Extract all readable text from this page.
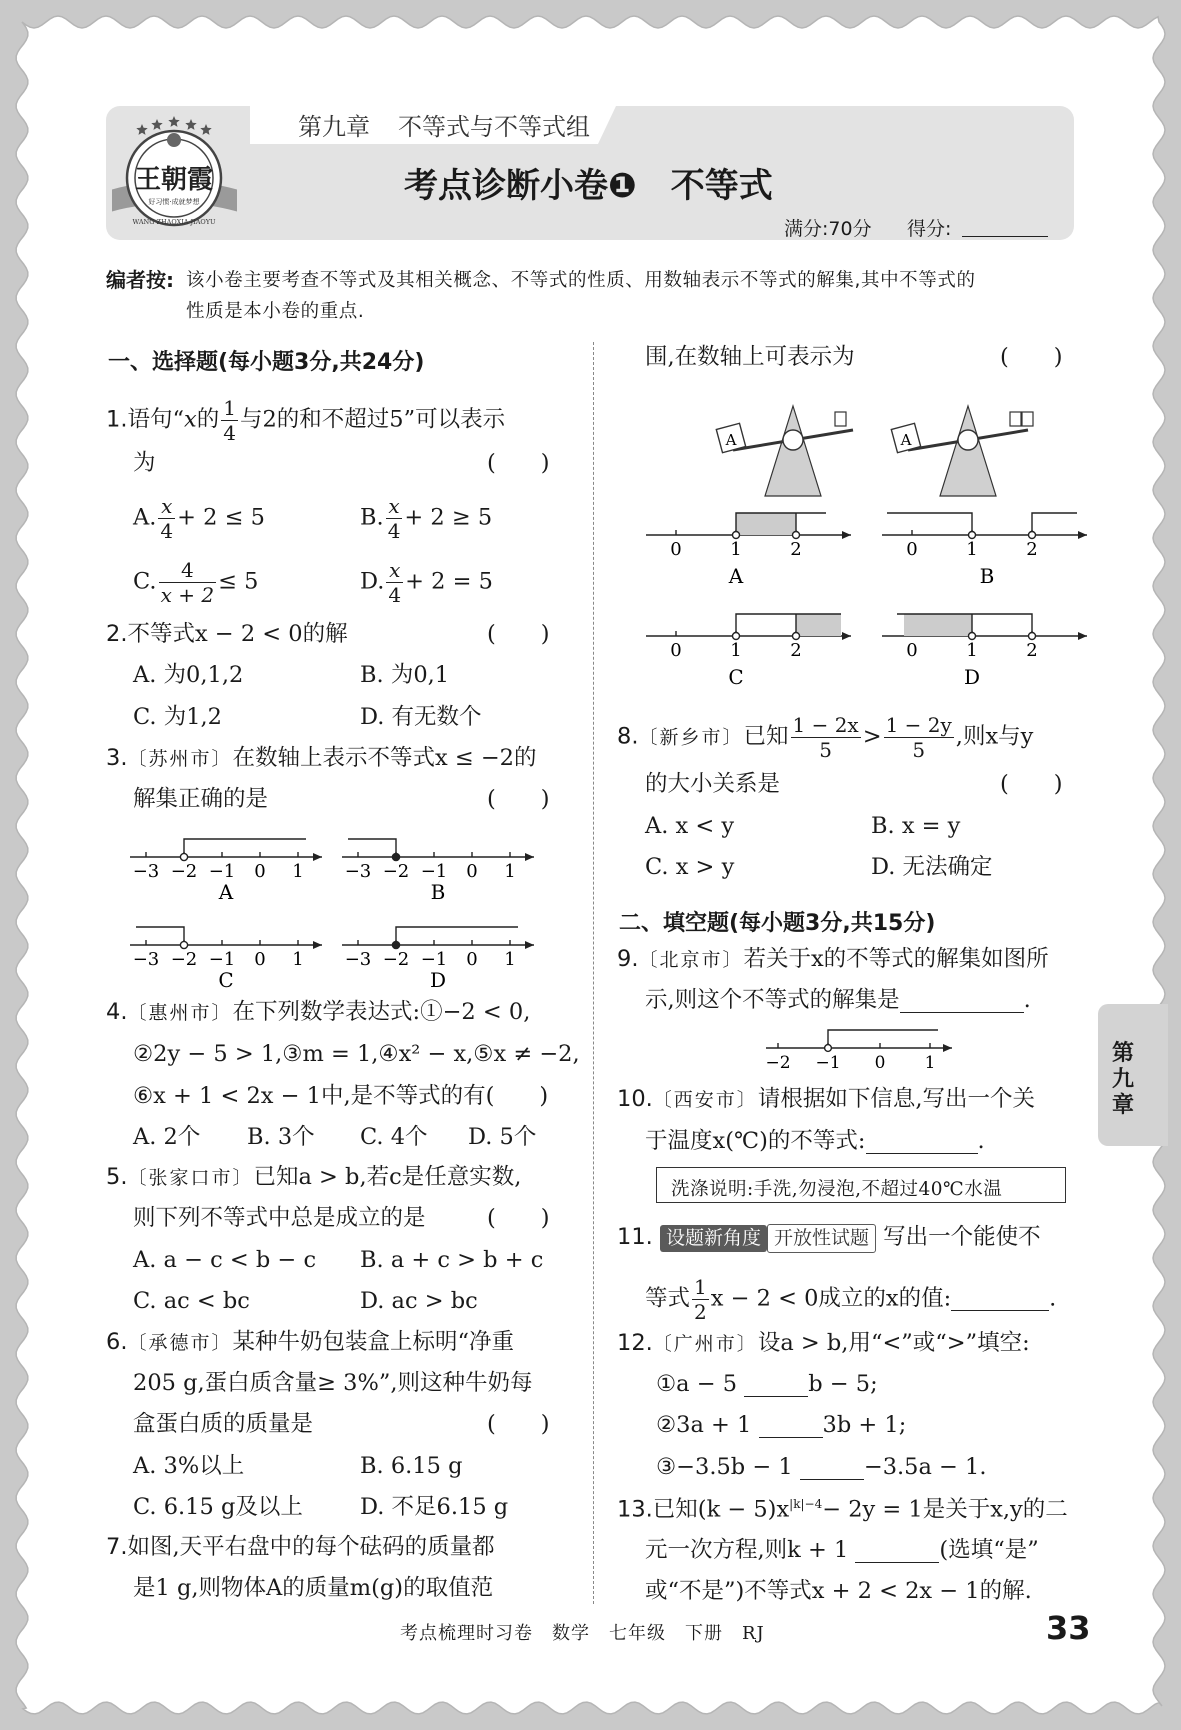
第九章 不等式与不等式组
王朝霞
好习惯·成就梦想
WANG ZHAOXIA JIAOYU
考点诊断小卷❶　不等式
满分:70分 得分:
编者按: 该小卷主要考查不等式及其相关概念、不等式的性质、用数轴表示不等式的解集,其中不等式的
性质是本小卷的重点.
一、选择题(每小题3分,共24分)
1.语句“x的 $\frac{1}{4}$ 与2的和不超过5”可以表示
为	(　　)
A. $\frac{x}{4} + 2 \le 5$	B. $\frac{x}{4} + 2 \ge 5$
C. $\frac{4}{x + 2} \le 5$	D. $\frac{x}{4} + 2 = 5$
2.不等式x − 2 < 0的解	(　　)
A. 为0,1,2	B. 为0,1
C. 为1,2	D. 有无数个
3.〔苏州市〕在数轴上表示不等式x ≤ −2的
解集正确的是	(　　)
−3 −2 −1 0 1
A
−3 −2 −1 0 1
B
−3 −2 −1 0 1
C
−3 −2 −1 0 1
D
4.〔惠州市〕在下列数学表达式:①−2 < 0,
②2y − 5 > 1,③m = 1,④x² − x,⑤x ≠ −2,
⑥x + 1 < 2x − 1中,是不等式的有(　　)
A. 2个 B. 3个 C. 4个 D. 5个
5.〔张家口市〕已知a > b,若c是任意实数,
则下列不等式中总是成立的是	(　　)
A. a − c < b − c B. a + c > b + c
C. ac < bc	D. ac > bc
6.〔承德市〕某种牛奶包装盒上标明“净重
205 g,蛋白质含量≥ 3%”,则这种牛奶每
盒蛋白质的质量是	(　　)
A. 3%以上	B. 6.15 g
C. 6.15 g及以上	D. 不足6.15 g
7.如图,天平右盘中的每个砝码的质量都
是1 g,则物体A的质量m(g)的取值范
围,在数轴上可表示为	(　　)
A	A
0	1	2
A
0	1	2
B
0	1	2
C
0	1	2
D
8.〔新乡市〕已知 $\frac{1 - 2x}{5} > \frac{1 - 2y}{5}$ ,则x与y
的大小关系是	(　　)
A. x < y	B. x = y
C. x > y	D. 无法确定
二、填空题(每小题3分,共15分)
9.〔北京市〕若关于x的不等式的解集如图所
示,则这个不等式的解集是	.
−2 −1 0 1
10.〔西安市〕请根据如下信息,写出一个关
于温度x(℃)的不等式:	.
洗涤说明:手洗,勿浸泡,不超过40℃水温
11. 设题新角度 开放性试题 写出一个能使不
等式 $\frac{1}{2}$ x − 2 < 0成立的x的值:	.
12.〔广州市〕设a > b,用“<”或“>”填空:
①a − 5	b − 5;
②3a + 1	3b + 1;
③−3.5b − 1	−3.5a − 1.
13.已知$(k - 5)x^{|k|-4}- 2y = 1$是关于x,y的二
元一次方程,则k + 1	(选填“是”
或“不是”)不等式x + 2 < 2x − 1的解.
第
九
章
考点梳理时习卷　数学　七年级　下册　RJ	33
